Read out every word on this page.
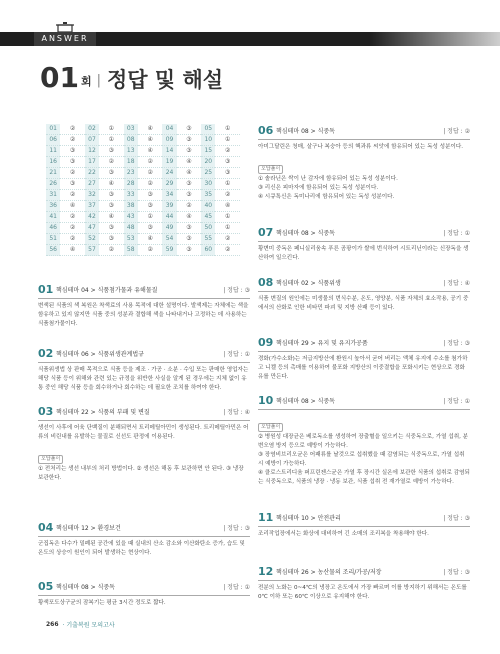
ANSWER
01 회 | 정답 및 해설
01	②	02	①	03	④	04	③	05	①
06	②	07	①	08	④	09	③	10	①
11	③	12	③	13	④	14	③	15	②
16	③	17	②	18	②	19	④	20	③
21	②	22	③	23	②	24	④	25	③
26	③	27	④	28	②	29	③	30	①
31	②	32	③	33	③	34	③	35	②
36	④	37	③	38	③	39	②	40	④
41	②	42	④	43	①	44	④	45	①
46	②	47	③	48	③	49	③	50	①
51	②	52	③	53	④	54	③	55	②
56	④	57	②	58	②	59	③	60	②
01 핵심테마 04 > 식품첨가물과 유해물질	| 정답 : ③
변색된 식품의 색 복원은 착색료의 사용 목적에 대한 설명이다. 발색제는 자체에는 색을 함유하고 있지 않지만 식품 중의 성분과 결합해 색을 나타내거나 고정하는 데 사용하는 식품첨가물이다.
02 핵심테마 06 > 식품위생관계법규	| 정답 : ①
식품위생법 상 판매 목적으로 식품 등을 제조 · 가공 · 소분 · 수입 또는 판매한 영업자는 해당 식품 등이 위해와 관련 있는 규정을 위반한 사실을 알게 된 경우에는 지체 없이 유통 중인 해당 식품 등을 회수하거나 회수하는 데 필요한 조치를 하여야 한다.
03 핵심테마 22 > 식품의 부패 및 변질	| 정답 : ④
생선이 사후에 어육 단백질이 분해되면서 트리메틸아민이 생성된다. 트리메틸아민은 어류의 비린내를 유발하는 물질로 신선도 판정에 이용된다.
오답풀이
① 전처리는 생선 내부의 처리 방법이다. ② 생선은 해동 후 보관하면 안 된다. ③ 냉장 보관한다.
04 핵심테마 12 > 환경보건	| 정답 : ③
군집독은 다수가 밀폐된 공간에 있을 때 실내의 산소 감소와 이산화탄소 증가, 습도 및 온도의 상승이 원인이 되어 발생하는 현상이다.
05 핵심테마 08 > 식중독	| 정답 : ①
황색포도상구균의 잠복기는 평균 3시간 정도로 짧다.
06 핵심테마 08 > 식중독	| 정답 : ②
아미그달린은 청매, 살구나 복숭아 등의 핵과류 씨앗에 함유되어 있는 독성 성분이다.
오답풀이
① 솔라닌은 싹이 난 감자에 함유되어 있는 독성 성분이다.
③ 리신은 피마자에 함유되어 있는 독성 성분이다.
④ 시큐톡신은 독미나리에 함유되어 있는 독성 성분이다.
07 핵심테마 08 > 식중독	| 정답 : ①
황변미 중독은 페니실리움속 푸른 곰팡이가 쌀에 번식하여 시트리닌이라는 신장독을 생산하여 일으킨다.
08 핵심테마 02 > 식품위생	| 정답 : ④
식품 변질의 원인에는 미생물의 번식수분, 온도, 영양분, 식품 자체의 효소작용, 공기 중에서의 산화로 인한 비타민 파괴 및 지방 산패 등이 있다.
09 핵심테마 29 > 유지 및 유지가공품	| 정답 : ③
경화(가수소화)는 저급지방산에 환원시 높아서 굳어 버리는 액체 유지에 수소를 첨가하고 니켈 등의 촉매를 이용하여 불포화 지방산의 이중결합을 포화시키는 현상으로 경화유를 만든다.
10 핵심테마 08 > 식중독	| 정답 : ①
오답풀이
② 병원성 대장균은 베로독소를 생성하여 장출혈을 일으키는 식중독으로, 가열 섭취, 분변오염 방지 등으로 예방이 가능하다.
③ 장염비브리오균은 어패류를 날것으로 섭취했을 때 감염되는 식중독으로, 가열 섭취 시 예방이 가능하다.
④ 클로스트리디움 퍼프린젠스균은 가열 후 장시간 실온에 보관한 식품의 섭취로 감염되는 식중독으로, 식품의 냉장 · 냉동 보관, 식품 섭취 전 재가열로 예방이 가능하다.
11 핵심테마 10 > 안전관리	| 정답 : ③
조리작업장에서는 화상에 대비하여 긴 소매의 조리복을 착용해야 한다.
12 핵심테마 26 > 농산물의 조리/가공/저장	| 정답 : ③
전분의 노화는 0~4℃의 냉장고 온도에서 가장 빠르며 이를 방지하기 위해서는 온도를 0℃ 이하 또는 60℃ 이상으로 유지해야 한다.
266 · 기출복원 모의고사
